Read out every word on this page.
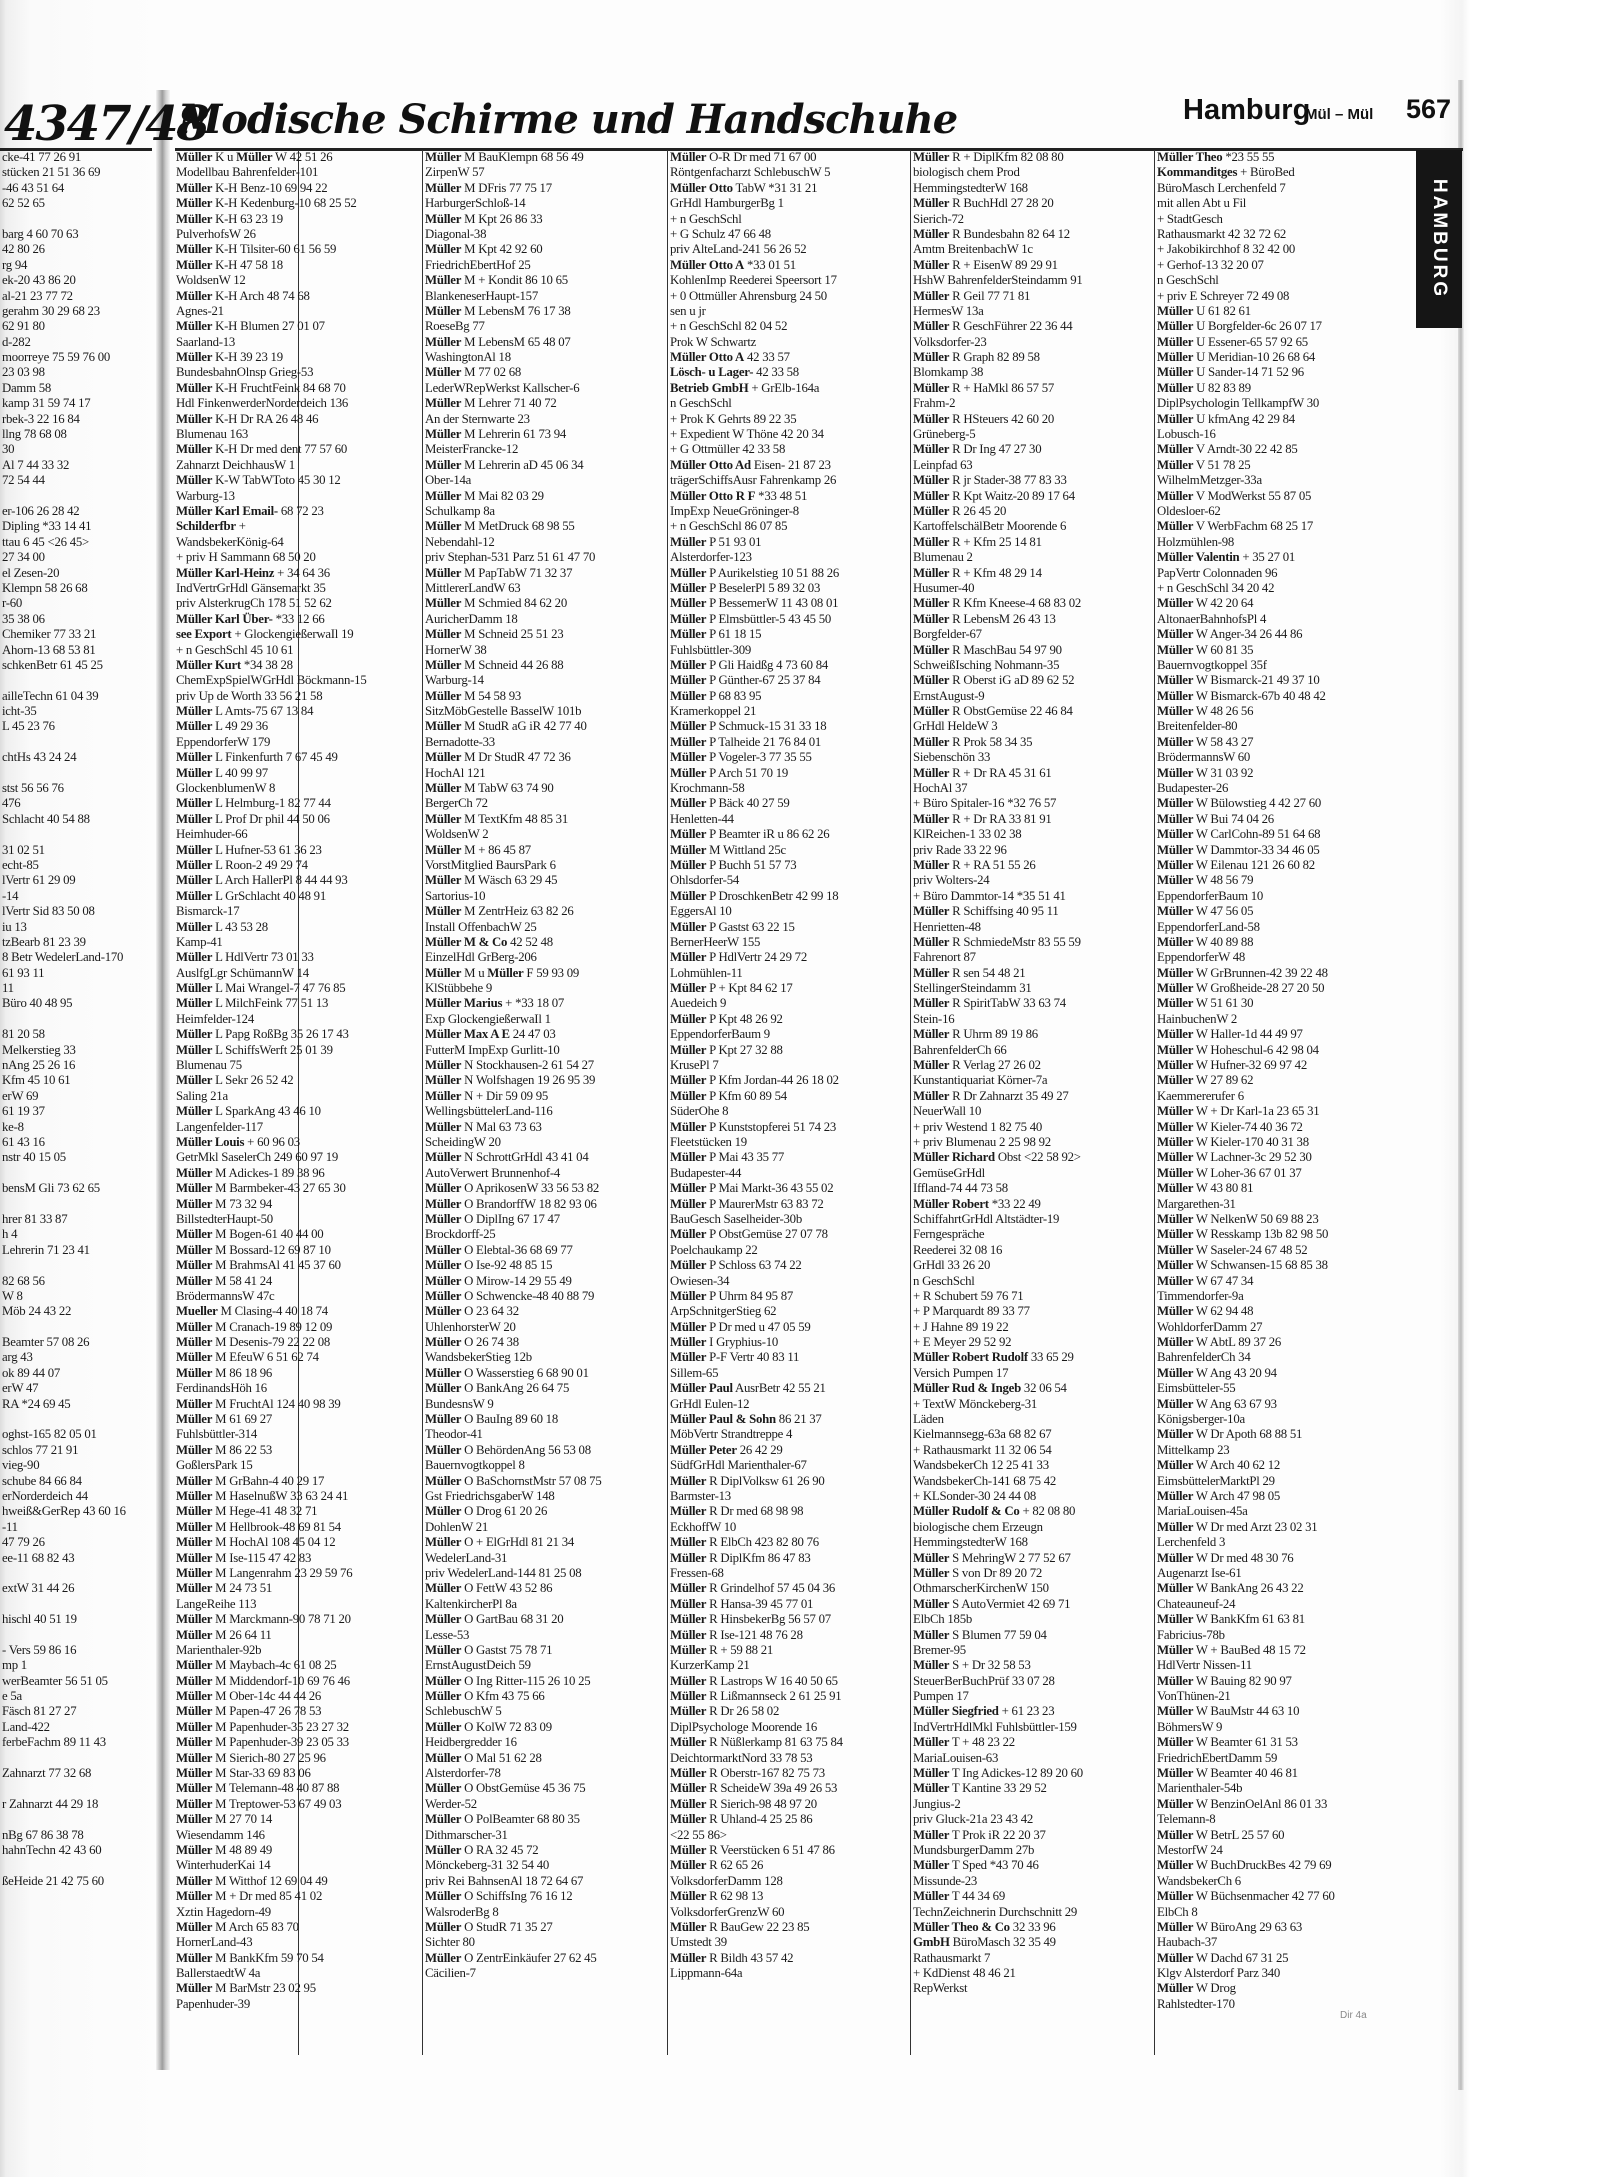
4347/48
Modische Schirme und Handschuhe	Hamburg
Mül – Mül 567
HAMBURG
cke-41 77 26 91
stücken 21 51 36 69
-46 43 51 64
62 52 65
barg 4 60 70 63
42 80 26
rg 94
ek-20 43 86 20
al-21 23 77 72
gerahm 30 29 68 23
62 91 80
d-282
moorreye 75 59 76 00
23 03 98
Damm 58
kamp 31 59 74 17
rbek-3 22 16 84
llng 78 68 08
30
Al 7 44 33 32
72 54 44
er-106 26 28 42
Dipling *33 14 41
ttau 6 45 <26 45>
27 34 00
el Zesen-20
Klempn 58 26 68
r-60
35 38 06
Chemiker 77 33 21
Ahorn-13 68 53 81
schkenBetr 61 45 25
ailleTechn 61 04 39
icht-35
L 45 23 76
chtHs 43 24 24
stst 56 56 76
476
Schlacht 40 54 88
31 02 51
echt-85
lVertr 61 29 09
-14
lVertr Sid 83 50 08
iu 13
tzBearb 81 23 39
8 Betr WedelerLand-170
61 93 11
11
Büro 40 48 95
81 20 58
Melkerstieg 33
nAng 25 26 16
Kfm 45 10 61
erW 69
61 19 37
ke-8
61 43 16
nstr 40 15 05
bensM Gli 73 62 65
hrer 81 33 87
h 4
Lehrerin 71 23 41
82 68 56
W 8
Möb 24 43 22
Beamter 57 08 26
arg 43
ok 89 44 07
erW 47
RA *24 69 45
oghst-165 82 05 01
schlos 77 21 91
vieg-90
schube 84 66 84
erNorderdeich 44
hweiß&GerRep 43 60 16
-11
47 79 26
ee-11 68 82 43
extW 31 44 26
hischl 40 51 19
- Vers 59 86 16
mp 1
werBeamter 56 51 05
e 5a
Fäsch 81 27 27
Land-422
ferbeFachm 89 11 43
Zahnarzt 77 32 68
r Zahnarzt 44 29 18
nBg 67 86 38 78
hahnTechn 42 43 60
ßeHeide 21 42 75 60
Müller K u Müller W 42 51 26
Modellbau Bahrenfelder-101
Müller K-H Benz-10 69 94 22
Müller K-H Kedenburg-10 68 25 52
Müller K-H 63 23 19
PulverhofsW 26
Müller K-H Tilsiter-60 61 56 59
Müller K-H 47 58 18
WoldsenW 12
Müller K-H Arch 48 74 68
Agnes-21
Müller K-H Blumen 27 01 07
Saarland-13
Müller K-H 39 23 19
BundesbahnOlnsp Grieg-53
Müller K-H FruchtFeink 84 68 70
Hdl FinkenwerderNorderdeich 136
Müller K-H Dr RA 26 48 46
Blumenau 163
Müller K-H Dr med dent 77 57 60
Zahnarzt DeichhausW 1
Müller K-W TabWToto 45 30 12
Warburg-13
Müller Karl Email- 68 72 23
Schilderfbr +
WandsbekerKönig-64
+ priv H Sammann 68 50 20
Müller Karl-Heinz + 34 64 36
IndVertrGrHdl Gänsemarkt 35
priv AlsterkrugCh 178 51 52 62
Müller Karl Über- *33 12 66
see Export + GlockengießerwaIl 19
+ n GeschSchl 45 10 61
Müller Kurt *34 38 28
ChemExpSpielWGrHdl Böckmann-15
priv Up de Worth 33 56 21 58
Müller L Amts-75 67 13 84
Müller L 49 29 36
EppendorferW 179
Müller L Finkenfurth 7 67 45 49
Müller L 40 99 97
GlockenblumenW 8
Müller L Helmburg-1 82 77 44
Müller L Prof Dr phil 44 50 06
Heimhuder-66
Müller L Hufner-53 61 36 23
Müller L Roon-2 49 29 74
Müller L Arch HallerPl 8 44 44 93
Müller L GrSchlacht 40 48 91
Bismarck-17
Müller L 43 53 28
Kamp-41
Müller L HdlVertr 73 01 33
AuslfgLgr SchümannW 14
Müller L Mai Wrangel-7 47 76 85
Müller L MilchFeink 77 51 13
Heimfelder-124
Müller L Papg RoßBg 35 26 17 43
Müller L SchiffsWerft 25 01 39
Blumenau 75
Müller L Sekr 26 52 42
Saling 21a
Müller L SparkAng 43 46 10
Langenfelder-117
Müller Louis + 60 96 03
GetrMkl SaselerCh 249 60 97 19
Müller M Adickes-1 89 38 96
Müller M Barmbeker-43 27 65 30
Müller M 73 32 94
BillstedterHaupt-50
Müller M Bogen-61 40 44 00
Müller M Bossard-12 69 87 10
Müller M BrahmsAl 41 45 37 60
Müller M 58 41 24
BrödermannsW 47c
Mueller M Clasing-4 40 18 74
Müller M Cranach-19 89 12 09
Müller M Desenis-79 22 22 08
Müller M EfeuW 6 51 62 74
Müller M 86 18 96
FerdinandsHöh 16
Müller M FruchtAl 124 40 98 39
Müller M 61 69 27
Fuhlsbüttler-314
Müller M 86 22 53
GoßlersPark 15
Müller M GrBahn-4 40 29 17
Müller M HaselnußW 33 63 24 41
Müller M Hege-41 48 32 71
Müller M Hellbrook-48 69 81 54
Müller M HochAl 108 45 04 12
Müller M Ise-115 47 42 83
Müller M Langenrahm 23 29 59 76
Müller M 24 73 51
LangeReihe 113
Müller M Marckmann-90 78 71 20
Müller M 26 64 11
Marienthaler-92b
Müller M Maybach-4c 61 08 25
Müller M Middendorf-10 69 76 46
Müller M Ober-14c 44 44 26
Müller M Papen-47 26 78 53
Müller M Papenhuder-35 23 27 32
Müller M Papenhuder-39 23 05 33
Müller M Sierich-80 27 25 96
Müller M Star-33 69 83 06
Müller M Telemann-48 40 87 88
Müller M Treptower-53 67 49 03
Müller M 27 70 14
Wiesendamm 146
Müller M 48 89 49
WinterhuderKai 14
Müller M Witthof 12 69 04 49
Müller M + Dr med 85 41 02
Xztin Hagedorn-49
Müller M Arch 65 83 70
HornerLand-43
Müller M BankKfm 59 70 54
BallerstaedtW 4a
Müller M BarMstr 23 02 95
Papenhuder-39
Müller M BauKlempn 68 56 49
ZirpenW 57
Müller M DFris 77 75 17
HarburgerSchloß-14
Müller M Kpt 26 86 33
Diagonal-38
Müller M Kpt 42 92 60
FriedrichEbertHof 25
Müller M + Kondit 86 10 65
BlankeneserHaupt-157
Müller M LebensM 76 17 38
RoeseBg 77
Müller M LebensM 65 48 07
WashingtonAl 18
Müller M 77 02 68
LederWRepWerkst Kallscher-6
Müller M Lehrer 71 40 72
An der Sternwarte 23
Müller M Lehrerin 61 73 94
MeisterFrancke-12
Müller M Lehrerin aD 45 06 34
Ober-14a
Müller M Mai 82 03 29
Schulkamp 8a
Müller M MetDruck 68 98 55
Nebendahl-12
priv Stephan-531 Parz 51 61 47 70
Müller M PapTabW 71 32 37
MittlererLandW 63
Müller M Schmied 84 62 20
AuricherDamm 18
Müller M Schneid 25 51 23
HornerW 38
Müller M Schneid 44 26 88
Warburg-14
Müller M 54 58 93
SitzMöbGestelle BasselW 101b
Müller M StudR aG iR 42 77 40
Bernadotte-33
Müller M Dr StudR 47 72 36
HochAl 121
Müller M TabW 63 74 90
BergerCh 72
Müller M TextKfm 48 85 31
WoldsenW 2
Müller M + 86 45 87
VorstMitglied BaursPark 6
Müller M Wäsch 63 29 45
Sartorius-10
Müller M ZentrHeiz 63 82 26
Install OffenbachW 25
Müller M & Co 42 52 48
EinzelHdl GrBerg-206
Müller M u Müller F 59 93 09
KlStübbehe 9
Müller Marius + *33 18 07
Exp GlockengießerwaIl 1
Müller Max A E 24 47 03
FutterM ImpExp Gurlitt-10
Müller N Stockhausen-2 61 54 27
Müller N Wolfshagen 19 26 95 39
Müller N + Dir 59 09 95
WellingsbüttelerLand-116
Müller N Mal 63 73 63
ScheidingW 20
Müller N SchrottGrHdl 43 41 04
AutoVerwert Brunnenhof-4
Müller O AprikosenW 33 56 53 82
Müller O BrandorffW 18 82 93 06
Müller O DiplIng 67 17 47
Brockdorff-25
Müller O Elebtal-36 68 69 77
Müller O Ise-92 48 85 15
Müller O Mirow-14 29 55 49
Müller O Schwencke-48 40 88 79
Müller O 23 64 32
UhlenhorsterW 20
Müller O 26 74 38
WandsbekerStieg 12b
Müller O Wasserstieg 6 68 90 01
Müller O BankAng 26 64 75
BundesnsW 9
Müller O BauIng 89 60 18
Theodor-41
Müller O BehördenAng 56 53 08
Bauernvogtkoppel 8
Müller O BaSchornstMstr 57 08 75
Gst FriedrichsgaberW 148
Müller O Drog 61 20 26
DohlenW 21
Müller O + ElGrHdl 81 21 34
WedelerLand-31
priv WedelerLand-144 81 25 08
Müller O FettW 43 52 86
KaltenkircherPl 8a
Müller O GartBau 68 31 20
Lesse-53
Müller O Gastst 75 78 71
ErnstAugustDeich 59
Müller O Ing Ritter-115 26 10 25
Müller O Kfm 43 75 66
SchlebuschW 5
Müller O KolW 72 83 09
Heidbergredder 16
Müller O Mal 51 62 28
Alsterdorfer-78
Müller O ObstGemüse 45 36 75
Werder-52
Müller O PolBeamter 68 80 35
Dithmarscher-31
Müller O RA 32 45 72
Mönckeberg-31 32 54 40
priv Rei BahnsenAl 18 72 64 67
Müller O SchiffsIng 76 16 12
WalsroderBg 8
Müller O StudR 71 35 27
Sichter 80
Müller O ZentrEinkäufer 27 62 45
Cäcilien-7
Müller O-R Dr med 71 67 00
Röntgenfacharzt SchlebuschW 5
Müller Otto TabW *31 31 21
GrHdl HamburgerBg 1
+ n GeschSchl
+ G Schulz 47 66 48
priv AlteLand-241 56 26 52
Müller Otto A *33 01 51
KohlenImp Reederei Speersort 17
+ 0 Ottmüller Ahrensburg 24 50
sen u jr
+ n GeschSchl 82 04 52
Prok W Schwartz
Müller Otto A 42 33 57
Lösch- u Lager- 42 33 58
Betrieb GmbH + GrElb-164a
n GeschSchl
+ Prok K Gehrts 89 22 35
+ Expedient W Thöne 42 20 34
+ G Ottmüller 42 33 58
Müller Otto Ad Eisen- 21 87 23
trägerSchiffsAusr Fahrenkamp 26
Müller Otto R F *33 48 51
ImpExp NeueGröninger-8
+ n GeschSchl 86 07 85
Müller P 51 93 01
Alsterdorfer-123
Müller P Aurikelstieg 10 51 88 26
Müller P BeselerPl 5 89 32 03
Müller P BessemerW 11 43 08 01
Müller P Elmsbüttler-5 43 45 50
Müller P 61 18 15
Fuhlsbüttler-309
Müller P Gli Haidßg 4 73 60 84
Müller P Günther-67 25 37 84
Müller P 68 83 95
Kramerkoppel 21
Müller P Schmuck-15 31 33 18
Müller P Talheide 21 76 84 01
Müller P Vogeler-3 77 35 55
Müller P Arch 51 70 19
Krochmann-58
Müller P Bäck 40 27 59
Henletten-44
Müller P Beamter iR u 86 62 26
Müller M Wittland 25c
Müller P Buchh 51 57 73
Ohlsdorfer-54
Müller P DroschkenBetr 42 99 18
EggersAl 10
Müller P Gastst 63 22 15
BernerHeerW 155
Müller P HdlVertr 24 29 72
Lohmühlen-11
Müller P + Kpt 84 62 17
Auedeich 9
Müller P Kpt 48 26 92
EppendorferBaum 9
Müller P Kpt 27 32 88
KrusePl 7
Müller P Kfm Jordan-44 26 18 02
Müller P Kfm 60 89 54
SüderOhe 8
Müller P Kunststopferei 51 74 23
Fleetstücken 19
Müller P Mai 43 35 77
Budapester-44
Müller P Mai Markt-36 43 55 02
Müller P MaurerMstr 63 83 72
BauGesch Saselheider-30b
Müller P ObstGemüse 27 07 78
Poelchaukamp 22
Müller P Schloss 63 74 22
Owiesen-34
Müller P Uhrm 84 95 87
ArpSchnitgerStieg 62
Müller P Dr med u 47 05 59
Müller I Gryphius-10
Müller P-F Vertr 40 83 11
Sillem-65
Müller Paul AusrBetr 42 55 21
GrHdl Eulen-12
Müller Paul & Sohn 86 21 37
MöbVertr Strandtreppe 4
Müller Peter 26 42 29
SüdfGrHdl Marienthaler-67
Müller R DiplVolksw 61 26 90
Barmster-13
Müller R Dr med 68 98 98
EckhoffW 10
Müller R ElbCh 423 82 80 76
Müller R DiplKfm 86 47 83
Fressen-68
Müller R Grindelhof 57 45 04 36
Müller R Hansa-39 45 77 01
Müller R HinsbekerBg 56 57 07
Müller R Ise-121 48 76 28
Müller R + 59 88 21
KurzerKamp 21
Müller R Lastrops W 16 40 50 65
Müller R Lißmannseck 2 61 25 91
Müller R Dr 26 58 02
DiplPsychologe Moorende 16
Müller R Nüßlerkamp 81 63 75 84
DeichtormarktNord 33 78 53
Müller R Oberstr-167 82 75 73
Müller R ScheideW 39a 49 26 53
Müller R Sierich-98 48 97 20
Müller R Uhland-4 25 25 86
<22 55 86>
Müller R Veerstücken 6 51 47 86
Müller R 62 65 26
VolksdorferDamm 128
Müller R 62 98 13
VolksdorferGrenzW 60
Müller R BauGew 22 23 85
Umstedt 39
Müller R Bildh 43 57 42
Lippmann-64a
Müller R + DiplKfm 82 08 80
biologisch chem Prod
HemmingstedterW 168
Müller R BuchHdl 27 28 20
Sierich-72
Müller R Bundesbahn 82 64 12
Amtm BreitenbachW 1c
Müller R + EisenW 89 29 91
HshW BahrenfelderSteindamm 91
Müller R Geil 77 71 81
HermesW 13a
Müller R GeschFührer 22 36 44
Volksdorfer-23
Müller R Graph 82 89 58
Blomkamp 38
Müller R + HaMkl 86 57 57
Frahm-2
Müller R HSteuers 42 60 20
Grüneberg-5
Müller R Dr Ing 47 27 30
Leinpfad 63
Müller R jr Stader-38 77 83 33
Müller R Kpt Waitz-20 89 17 64
Müller R 26 45 20
KartoffelschälBetr Moorende 6
Müller R + Kfm 25 14 81
Blumenau 2
Müller R + Kfm 48 29 14
Husumer-40
Müller R Kfm Kneese-4 68 83 02
Müller R LebensM 26 43 13
Borgfelder-67
Müller R MaschBau 54 97 90
SchweißIsching Nohmann-35
Müller R Oberst iG aD 89 62 52
ErnstAugust-9
Müller R ObstGemüse 22 46 84
GrHdl HeldeW 3
Müller R Prok 58 34 35
Siebenschön 33
Müller R + Dr RA 45 31 61
HochAl 37
+ Büro Spitaler-16 *32 76 57
Müller R + Dr RA 33 81 91
KlReichen-1 33 02 38
priv Rade 33 22 96
Müller R + RA 51 55 26
priv Wolters-24
+ Büro Dammtor-14 *35 51 41
Müller R Schiffsing 40 95 11
Henrietten-48
Müller R SchmiedeMstr 83 55 59
Fahrenort 87
Müller R sen 54 48 21
StellingerSteindamm 31
Müller R SpiritTabW 33 63 74
Stein-16
Müller R Uhrm 89 19 86
BahrenfelderCh 66
Müller R Verlag 27 26 02
Kunstantiquariat Körner-7a
Müller R Dr Zahnarzt 35 49 27
NeuerWall 10
+ priv Westend 1 82 75 40
+ priv Blumenau 2 25 98 92
Müller Richard Obst <22 58 92>
GemüseGrHdl
Iffland-74 44 73 58
Müller Robert *33 22 49
SchiffahrtGrHdl Altstädter-19
Ferngespräche
Reederei 32 08 16
GrHdl 33 26 20
n GeschSchl
+ R Schubert 59 76 71
+ P Marquardt 89 33 77
+ J Hahne 89 19 22
+ E Meyer 29 52 92
Müller Robert Rudolf 33 65 29
Versich Pumpen 17
Müller Rud & Ingeb 32 06 54
+ TextW Mönckeberg-31
Läden
Kielmannsegg-63a 68 82 67
+ Rathausmarkt 11 32 06 54
WandsbekerCh 12 25 41 33
WandsbekerCh-141 68 75 42
+ KLSonder-30 24 44 08
Müller Rudolf & Co + 82 08 80
biologische chem Erzeugn
HemmingstedterW 168
Müller S MehringW 2 77 52 67
Müller S von Dr 89 20 72
OthmarscherKirchenW 150
Müller S AutoVermiet 42 69 71
ElbCh 185b
Müller S Blumen 77 59 04
Bremer-95
Müller S + Dr 32 58 53
SteuerBerBuchPrüf 33 07 28
Pumpen 17
Müller Siegfried + 61 23 23
IndVertrHdlMkl Fuhlsbüttler-159
Müller T + 48 23 22
MariaLouisen-63
Müller T Ing Adickes-12 89 20 60
Müller T Kantine 33 29 52
Jungius-2
priv Gluck-21a 23 43 42
Müller T Prok iR 22 20 37
MundsburgerDamm 27b
Müller T Sped *43 70 46
Missunde-23
Müller T 44 34 69
TechnZeichnerin Durchschnitt 29
Müller Theo & Co 32 33 96
GmbH BüroMasch 32 35 49
Rathausmarkt 7
+ KdDienst 48 46 21
RepWerkst
Müller Theo *23 55 55
Kommanditges + BüroBed
BüroMasch Lerchenfeld 7
mit allen Abt u Fil
+ StadtGesch
Rathausmarkt 42 32 72 62
+ Jakobikirchhof 8 32 42 00
+ Gerhof-13 32 20 07
n GeschSchl
+ priv E Schreyer 72 49 08
Müller U 61 82 61
Müller U Borgfelder-6c 26 07 17
Müller U Essener-65 57 92 65
Müller U Meridian-10 26 68 64
Müller U Sander-14 71 52 96
Müller U 82 83 89
DiplPsychologin TellkampfW 30
Müller U kfmAng 42 29 84
Lobusch-16
Müller V Arndt-30 22 42 85
Müller V 51 78 25
WilhelmMetzger-33a
Müller V ModWerkst 55 87 05
Oldesloer-62
Müller V WerbFachm 68 25 17
Holzmühlen-98
Müller Valentin + 35 27 01
PapVertr Colonnaden 96
+ n GeschSchl 34 20 42
Müller W 42 20 64
AltonaerBahnhofsPl 4
Müller W Anger-34 26 44 86
Müller W 60 81 35
Bauernvogtkoppel 35f
Müller W Bismarck-21 49 37 10
Müller W Bismarck-67b 40 48 42
Müller W 48 26 56
Breitenfelder-80
Müller W 58 43 27
BrödermannsW 60
Müller W 31 03 92
Budapester-26
Müller W Bülowstieg 4 42 27 60
Müller W Bui 74 04 26
Müller W CarlCohn-89 51 64 68
Müller W Dammtor-33 34 46 05
Müller W Eilenau 121 26 60 82
Müller W 48 56 79
EppendorferBaum 10
Müller W 47 56 05
EppendorferLand-58
Müller W 40 89 88
EppendorferW 48
Müller W GrBrunnen-42 39 22 48
Müller W Großheide-28 27 20 50
Müller W 51 61 30
HainbuchenW 2
Müller W Haller-1d 44 49 97
Müller W Hoheschul-6 42 98 04
Müller W Hufner-32 69 97 42
Müller W 27 89 62
Kaemmererufer 6
Müller W + Dr Karl-1a 23 65 31
Müller W Kieler-74 40 36 72
Müller W Kieler-170 40 31 38
Müller W Lachner-3c 29 52 30
Müller W Loher-36 67 01 37
Müller W 43 80 81
Margarethen-31
Müller W NelkenW 50 69 88 23
Müller W Resskamp 13b 82 98 50
Müller W Saseler-24 67 48 52
Müller W Schwansen-15 68 85 38
Müller W 67 47 34
Timmendorfer-9a
Müller W 62 94 48
WohldorferDamm 27
Müller W AbtL 89 37 26
BahrenfelderCh 34
Müller W Ang 43 20 94
Eimsbütteler-55
Müller W Ang 63 67 93
Königsberger-10a
Müller W Dr Apoth 68 88 51
Mittelkamp 23
Müller W Arch 40 62 12
EimsbüttelerMarktPl 29
Müller W Arch 47 98 05
MariaLouisen-45a
Müller W Dr med Arzt 23 02 31
Lerchenfeld 3
Müller W Dr med 48 30 76
Augenarzt Ise-61
Müller W BankAng 26 43 22
Chateauneuf-24
Müller W BankKfm 61 63 81
Fabricius-78b
Müller W + BauBed 48 15 72
HdlVertr Nissen-11
Müller W Bauing 82 90 97
VonThünen-21
Müller W BauMstr 44 63 10
BöhmersW 9
Müller W Beamter 61 31 53
FriedrichEbertDamm 59
Müller W Beamter 40 46 81
Marienthaler-54b
Müller W BenzinOelAnl 86 01 33
Telemann-8
Müller W BetrL 25 57 60
MestorfW 24
Müller W BuchDruckBes 42 79 69
WandsbekerCh 6
Müller W Büchsenmacher 42 77 60
ElbCh 8
Müller W BüroAng 29 63 63
Haubach-37
Müller W Dachd 67 31 25
Klgv Alsterdorf Parz 340
Müller W Drog
Rahlstedter-170
Dir 4a
